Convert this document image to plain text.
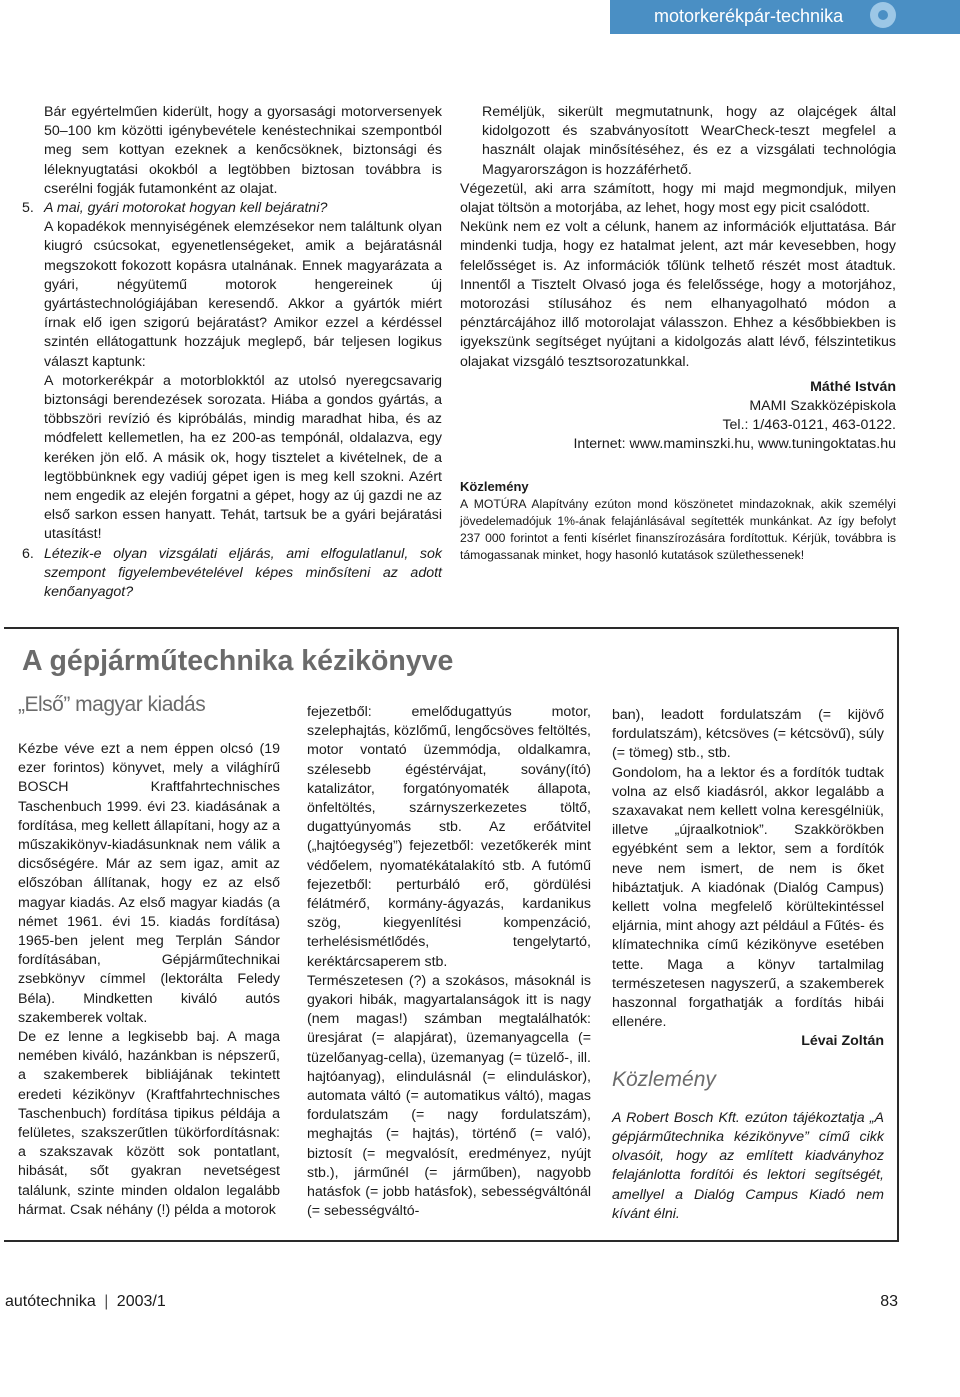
motorkerékpár-technika

Bár egyértelműen kiderült, hogy a gyorsasági motorversenyek 50–100 km közötti igénybevétele kenéstechnikai szempontból meg sem kottyan ezeknek a kenőcsöknek, biztonsági és léleknyugtatási okokból a legtöbben biztosan továbbra is cserélni fogják futamonként az olajat.

5. A mai, gyári motorokat hogyan kell bejáratni?

A kopadékok mennyiségének elemzésekor nem találtunk olyan kiugró csúcsokat, egyenetlenségeket, amik a bejáratásnál megszokott fokozott kopásra utalnának. Ennek magyarázata a gyári, négyütemű motorok hengereinek új gyártástechnológiájában keresendő. Akkor a gyártók miért írnak elő igen szigorú bejáratást? Amikor ezzel a kérdéssel szintén ellátogattunk hozzájuk meglepő, bár teljesen logikus választ kaptunk:

A motorkerékpár a motorblokktól az utolsó nyeregcsavarig biztonsági berendezések sorozata. Hiába a gondos gyártás, a többszöri revízió és kipróbálás, mindig maradhat hiba, és az módfelett kellemetlen, ha ez 200-as tempónál, oldalazva, egy keréken jön elő. A másik ok, hogy tisztelet a kivételnek, de a legtöbbünknek egy vadiúj gépet igen is meg kell szokni. Azért nem engedik az elején forgatni a gépet, hogy az új gazdi ne az első sarkon essen hanyatt. Tehát, tartsuk be a gyári bejáratási utasítást!

6. Létezik-e olyan vizsgálati eljárás, ami elfogulatlanul, sok szempont figyelembevételével képes minősíteni az adott kenőanyagot?

Reméljük, sikerült megmutatnunk, hogy az olajcégek által kidolgozott és szabványosított WearCheck-teszt megfelel a használt olajak minősítéséhez, és ez a vizsgálati technológia Magyarországon is hozzáférhető.

Végezetül, aki arra számított, hogy mi majd megmondjuk, milyen olajat töltsön a motorjába, az lehet, hogy most egy picit csalódott.

Nekünk nem ez volt a célunk, hanem az információk eljuttatása. Bár mindenki tudja, hogy ez hatalmat jelent, azt már kevesebben, hogy felelősséget is. Az információk tőlünk telhető részét most átadtuk. Innentől a Tisztelt Olvasó joga és felelőssége, hogy a motorjához, motorozási stílusához és nem elhanyagolható módon a pénztárcájához illő motorolajat válasszon. Ehhez a későbbiekben is igyekszünk segítséget nyújtani a kidolgozás alatt lévő, félszintetikus olajakat vizsgáló tesztsorozatunkkal.

Máthé István

MAMI Szakközépiskola

Tel.: 1/463-0121, 463-0122.

Internet: www.maminszki.hu, www.tuningoktatas.hu

Közlemény

A MOTÚRA Alapítvány ezúton mond köszönetet mindazoknak, akik személyi jövedelemadójuk 1%-ának felajánlásával segítették munkánkat. Az így befolyt 237 000 forintot a fenti kísérlet finanszírozására fordítottuk. Kérjük, továbbra is támogassanak minket, hogy hasonló kutatások születhessenek!

A gépjárműtechnika kézikönyve
„Első” magyar kiadás

Kézbe véve ezt a nem éppen olcsó (19 ezer forintos) könyvet, mely a világhírű BOSCH Kraftfahrtechnisches Taschenbuch 1999. évi 23. kiadásának a fordítása, meg kellett állapítani, hogy az a műszakikönyv-kiadásunknak nem válik a dicsőségére. Már az sem igaz, amit az előszóban állítanak, hogy ez az első magyar kiadás. Az első magyar kiadás (a német 1961. évi 15. kiadás fordítása) 1965-ben jelent meg Terplán Sándor fordításában, Gépjárműtechnikai zsebkönyv címmel (lektorálta Feledy Béla). Mindketten kiváló autós szakemberek voltak.

De ez lenne a legkisebb baj. A maga nemében kiváló, hazánkban is népszerű, a szakemberek bibliájának tekintett eredeti kézikönyv (Kraftfahrtechnisches Taschenbuch) fordítása tipikus példája a felületes, szakszerűtlen tükörfordításnak: a szakszavak között sok pontatlant, hibását, sőt gyakran nevetségest találunk, szinte minden oldalon legalább hármat. Csak néhány (!) példa a motorok

fejezetből: emelődugattyús motor, szelephajtás, közlőmű, lengőcsöves feltöltés, motor vontató üzemmódja, oldalkamra, szélesebb égéstérvájat, sovány(ító) katalizátor, forgatónyomaték állapota, önfeltöltés, szárnyszerkezetes töltő, dugattyúnyomás stb. Az erőátvitel („hajtóegység”) fejezetből: vezetőkerék mint védőelem, nyomatékátalakító stb. A futómű fejezetből: perturbáló erő, gördülési félátmérő, kormány-ágyazás, kardanikus szög, kiegyenlítési kompenzáció, terhelésismétlődés, tengelytartó, keréktárcsaperem stb.

Természetesen (?) a szokásos, másoknál is gyakori hibák, magyartalanságok itt is nagy (nem magas!) számban megtalálhatók: üresjárat (= alapjárat), üzemanyagcella (= tüzelőanyag-cella), üzemanyag (= tüzelő-, ill. hajtóanyag), elindulásnál (= elinduláskor), automata váltó (= automatikus váltó), magas fordulatszám (= nagy fordulatszám), meghajtás (= hajtás), történő (= való), biztosít (= megvalósít, eredményez, nyújt stb.), járműnél (= járműben), nagyobb hatásfok (= jobb hatásfok), sebességváltónál (= sebességváltó-

ban), leadott fordulatszám (= kijövő fordulatszám), kétcsöves (= kétcsövű), súly (= tömeg) stb., stb.

Gondolom, ha a lektor és a fordítók tudtak volna az első kiadásról, akkor legalább a szaxavakat nem kellett volna keresgélniük, illetve „újraalkotniok”. Szakkörökben egyébként sem a lektor, sem a fordítók neve nem ismert, de nem is őket hibáztatjuk. A kiadónak (Dialóg Campus) kellett volna megfelelő körültekintéssel eljárnia, mint ahogy azt például a Fűtés- és klímatechnika című kézikönyve esetében tette. Maga a könyv tartalmilag természetesen nagyszerű, a szakemberek haszonnal forgathatják a fordítás hibái ellenére.

Lévai Zoltán

Közlemény

A Robert Bosch Kft. ezúton tájékoztatja „A gépjárműtechnika kézikönyve” című cikk olvasóit, hogy az említett kiadványhoz felajánlotta fordítói és lektori segítségét, amellyel a Dialóg Campus Kiadó nem kívánt élni.

autótechnika | 2003/1	83
